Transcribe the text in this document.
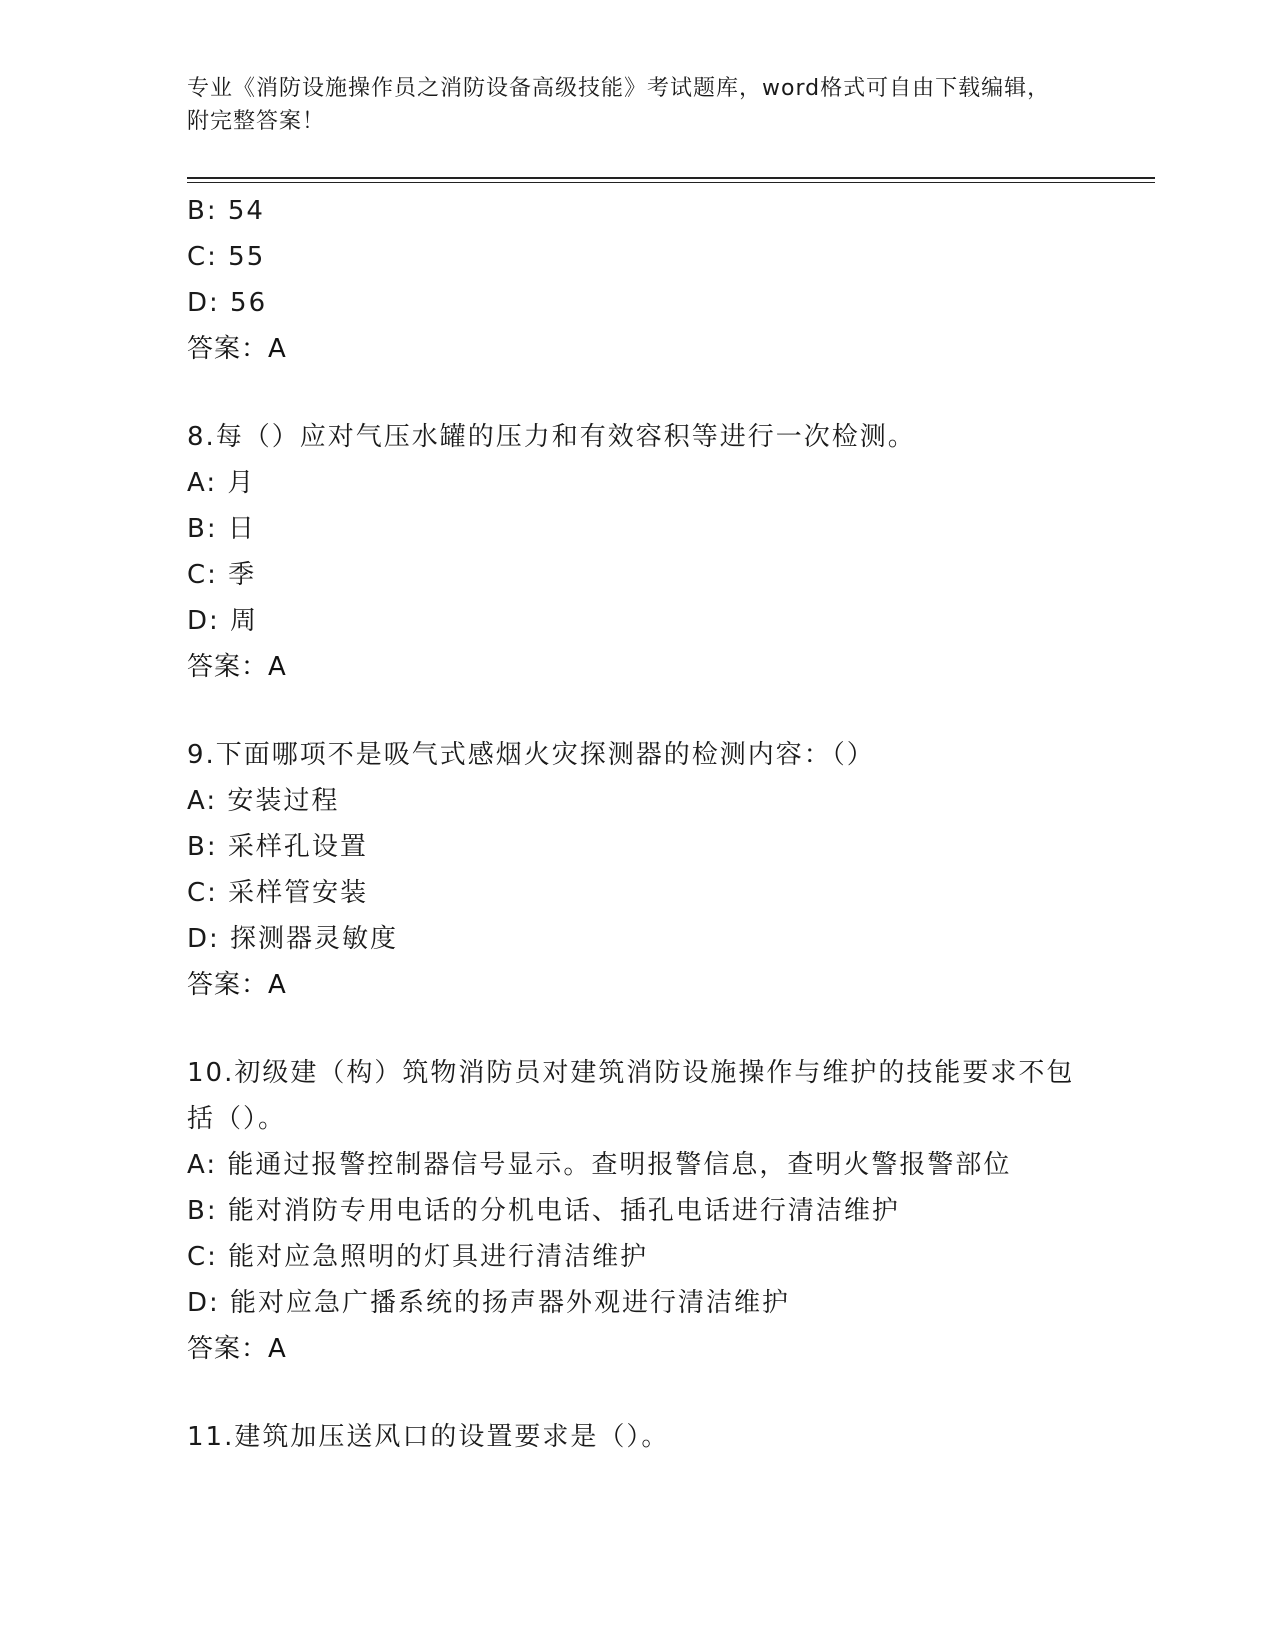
专业《消防设施操作员之消防设备高级技能》考试题库，word格式可自由下载编辑，附完整答案！
B: 54
C: 55
D: 56
答案：A
8.每（）应对气压水罐的压力和有效容积等进行一次检测。
A: 月
B: 日
C: 季
D: 周
答案：A
9.下面哪项不是吸气式感烟火灾探测器的检测内容：（）
A: 安装过程
B: 采样孔设置
C: 采样管安装
D: 探测器灵敏度
答案：A
10.初级建（构）筑物消防员对建筑消防设施操作与维护的技能要求不包括（）。
A: 能通过报警控制器信号显示。查明报警信息，查明火警报警部位
B: 能对消防专用电话的分机电话、插孔电话进行清洁维护
C: 能对应急照明的灯具进行清洁维护
D: 能对应急广播系统的扬声器外观进行清洁维护
答案：A
11.建筑加压送风口的设置要求是（）。
